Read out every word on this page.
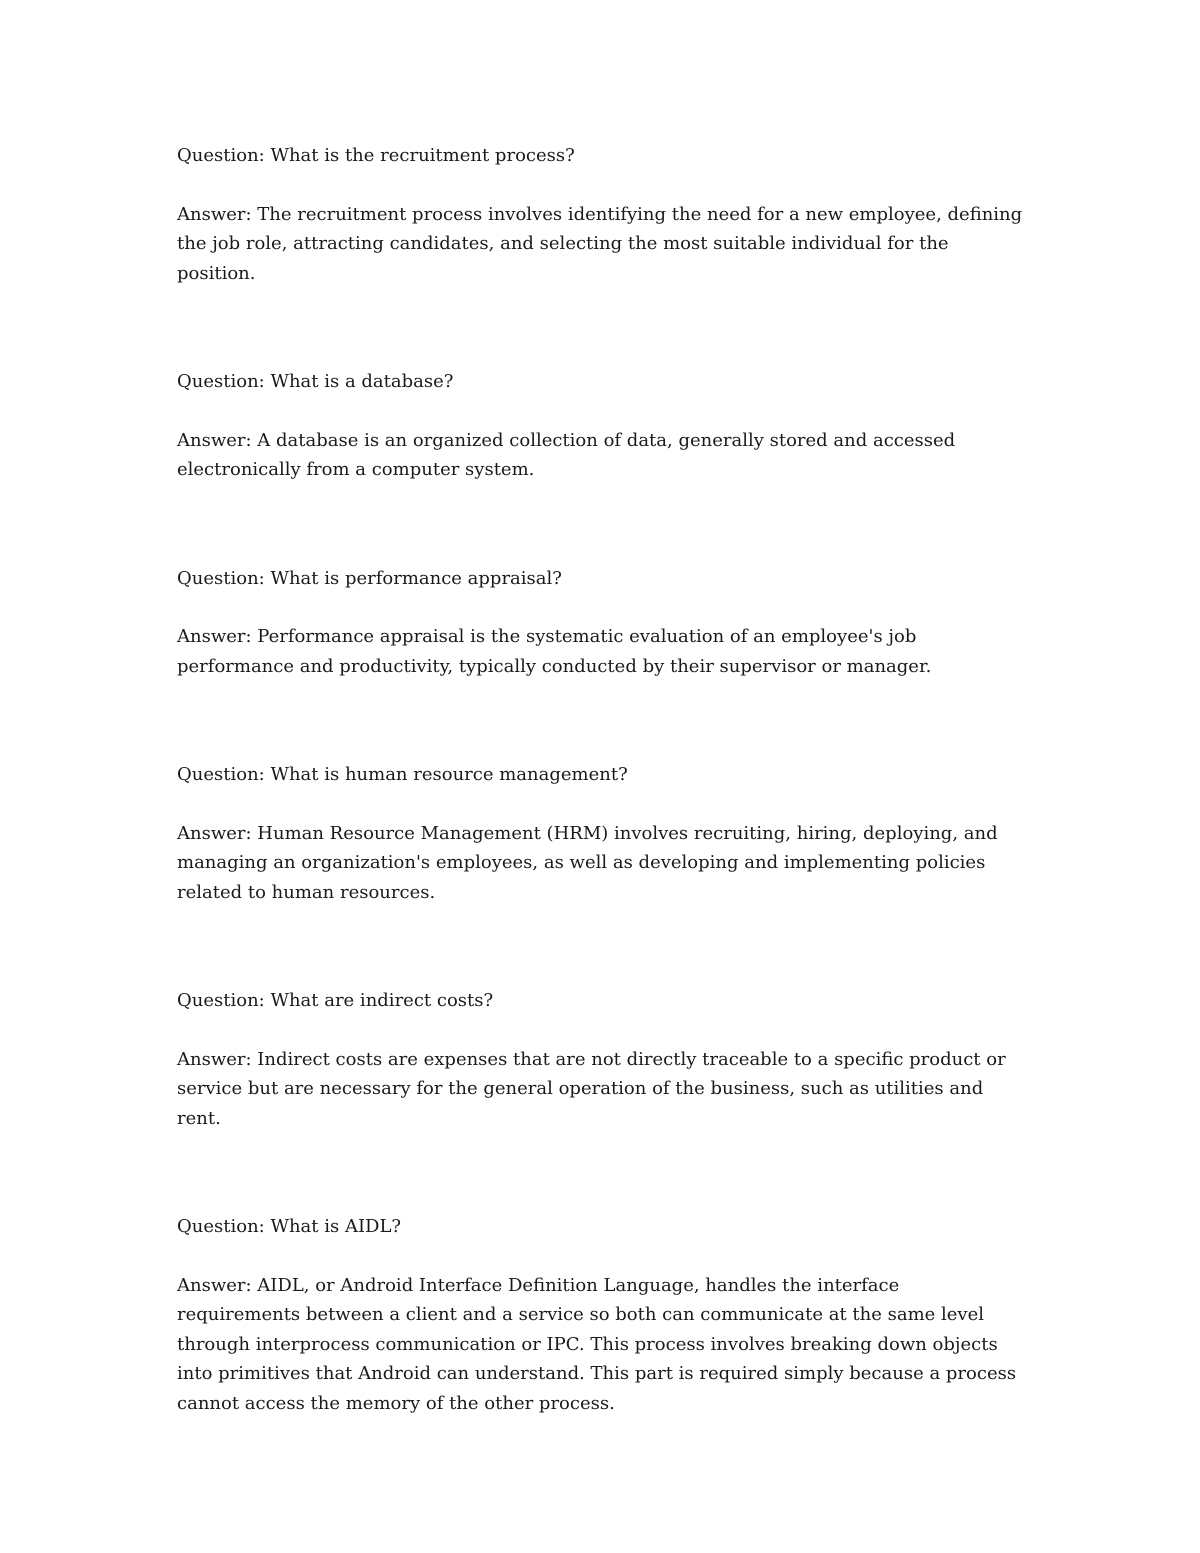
Question: What is the recruitment process?

Answer: The recruitment process involves identifying the need for a new employee, defining the job role, attracting candidates, and selecting the most suitable individual for the position.

Question: What is a database?

Answer: A database is an organized collection of data, generally stored and accessed electronically from a computer system.

Question: What is performance appraisal?

Answer: Performance appraisal is the systematic evaluation of an employee's job performance and productivity, typically conducted by their supervisor or manager.

Question: What is human resource management?

Answer: Human Resource Management (HRM) involves recruiting, hiring, deploying, and managing an organization's employees, as well as developing and implementing policies related to human resources.

Question: What are indirect costs?

Answer: Indirect costs are expenses that are not directly traceable to a specific product or service but are necessary for the general operation of the business, such as utilities and rent.

Question: What is AIDL?

Answer: AIDL, or Android Interface Definition Language, handles the interface requirements between a client and a service so both can communicate at the same level through interprocess communication or IPC. This process involves breaking down objects into primitives that Android can understand. This part is required simply because a process cannot access the memory of the other process.
